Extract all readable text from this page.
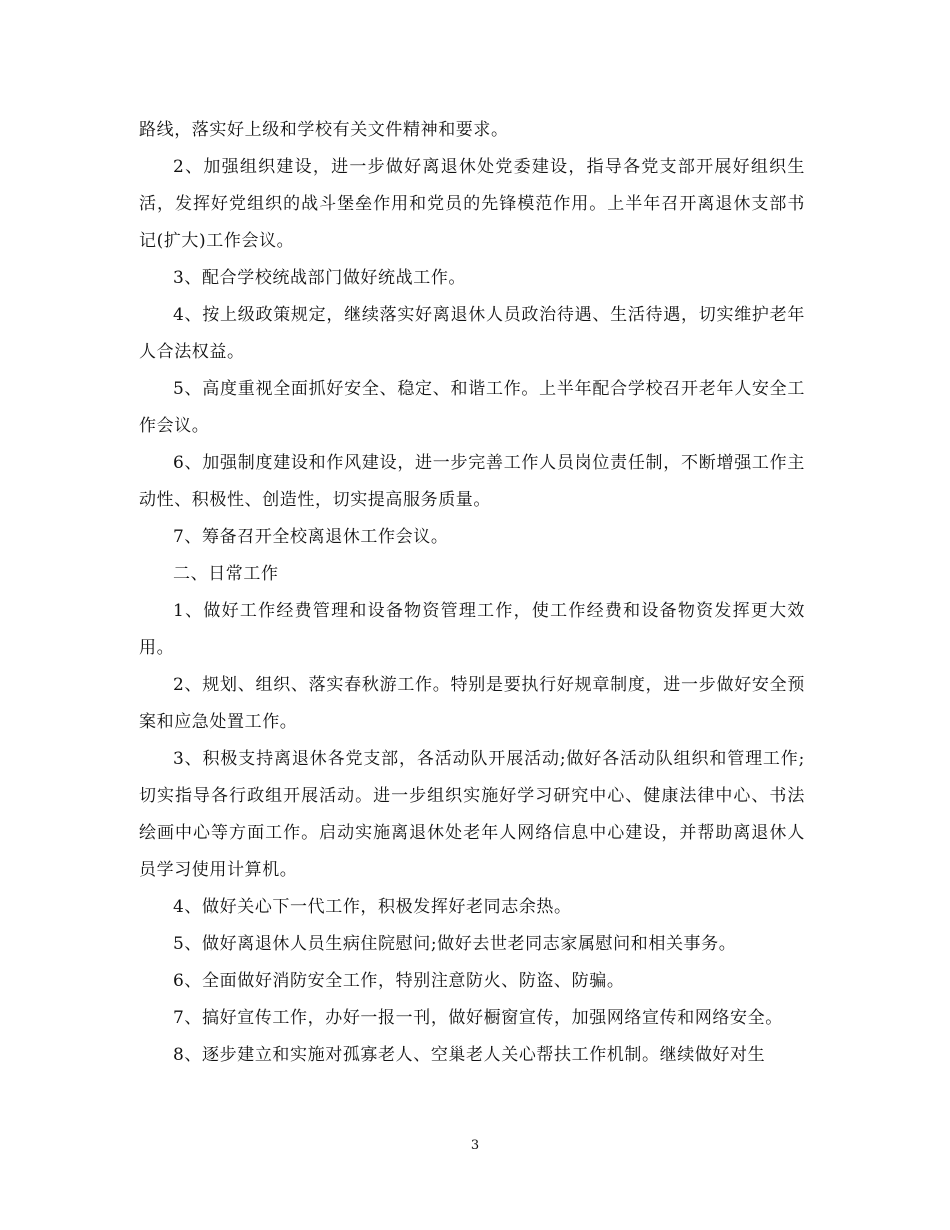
路线，落实好上级和学校有关文件精神和要求。

2、加强组织建设，进一步做好离退休处党委建设，指导各党支部开展好组织生活，发挥好党组织的战斗堡垒作用和党员的先锋模范作用。上半年召开离退休支部书记(扩大)工作会议。

3、配合学校统战部门做好统战工作。

4、按上级政策规定，继续落实好离退休人员政治待遇、生活待遇，切实维护老年人合法权益。

5、高度重视全面抓好安全、稳定、和谐工作。上半年配合学校召开老年人安全工作会议。

6、加强制度建设和作风建设，进一步完善工作人员岗位责任制，不断增强工作主动性、积极性、创造性，切实提高服务质量。

7、筹备召开全校离退休工作会议。

二、日常工作

1、做好工作经费管理和设备物资管理工作，使工作经费和设备物资发挥更大效用。

2、规划、组织、落实春秋游工作。特别是要执行好规章制度，进一步做好安全预案和应急处置工作。

3、积极支持离退休各党支部，各活动队开展活动;做好各活动队组织和管理工作;切实指导各行政组开展活动。进一步组织实施好学习研究中心、健康法律中心、书法绘画中心等方面工作。启动实施离退休处老年人网络信息中心建设，并帮助离退休人员学习使用计算机。

4、做好关心下一代工作，积极发挥好老同志余热。

5、做好离退休人员生病住院慰问;做好去世老同志家属慰问和相关事务。

6、全面做好消防安全工作，特别注意防火、防盗、防骗。

7、搞好宣传工作，办好一报一刊，做好橱窗宣传，加强网络宣传和网络安全。

8、逐步建立和实施对孤寡老人、空巢老人关心帮扶工作机制。继续做好对生

3
